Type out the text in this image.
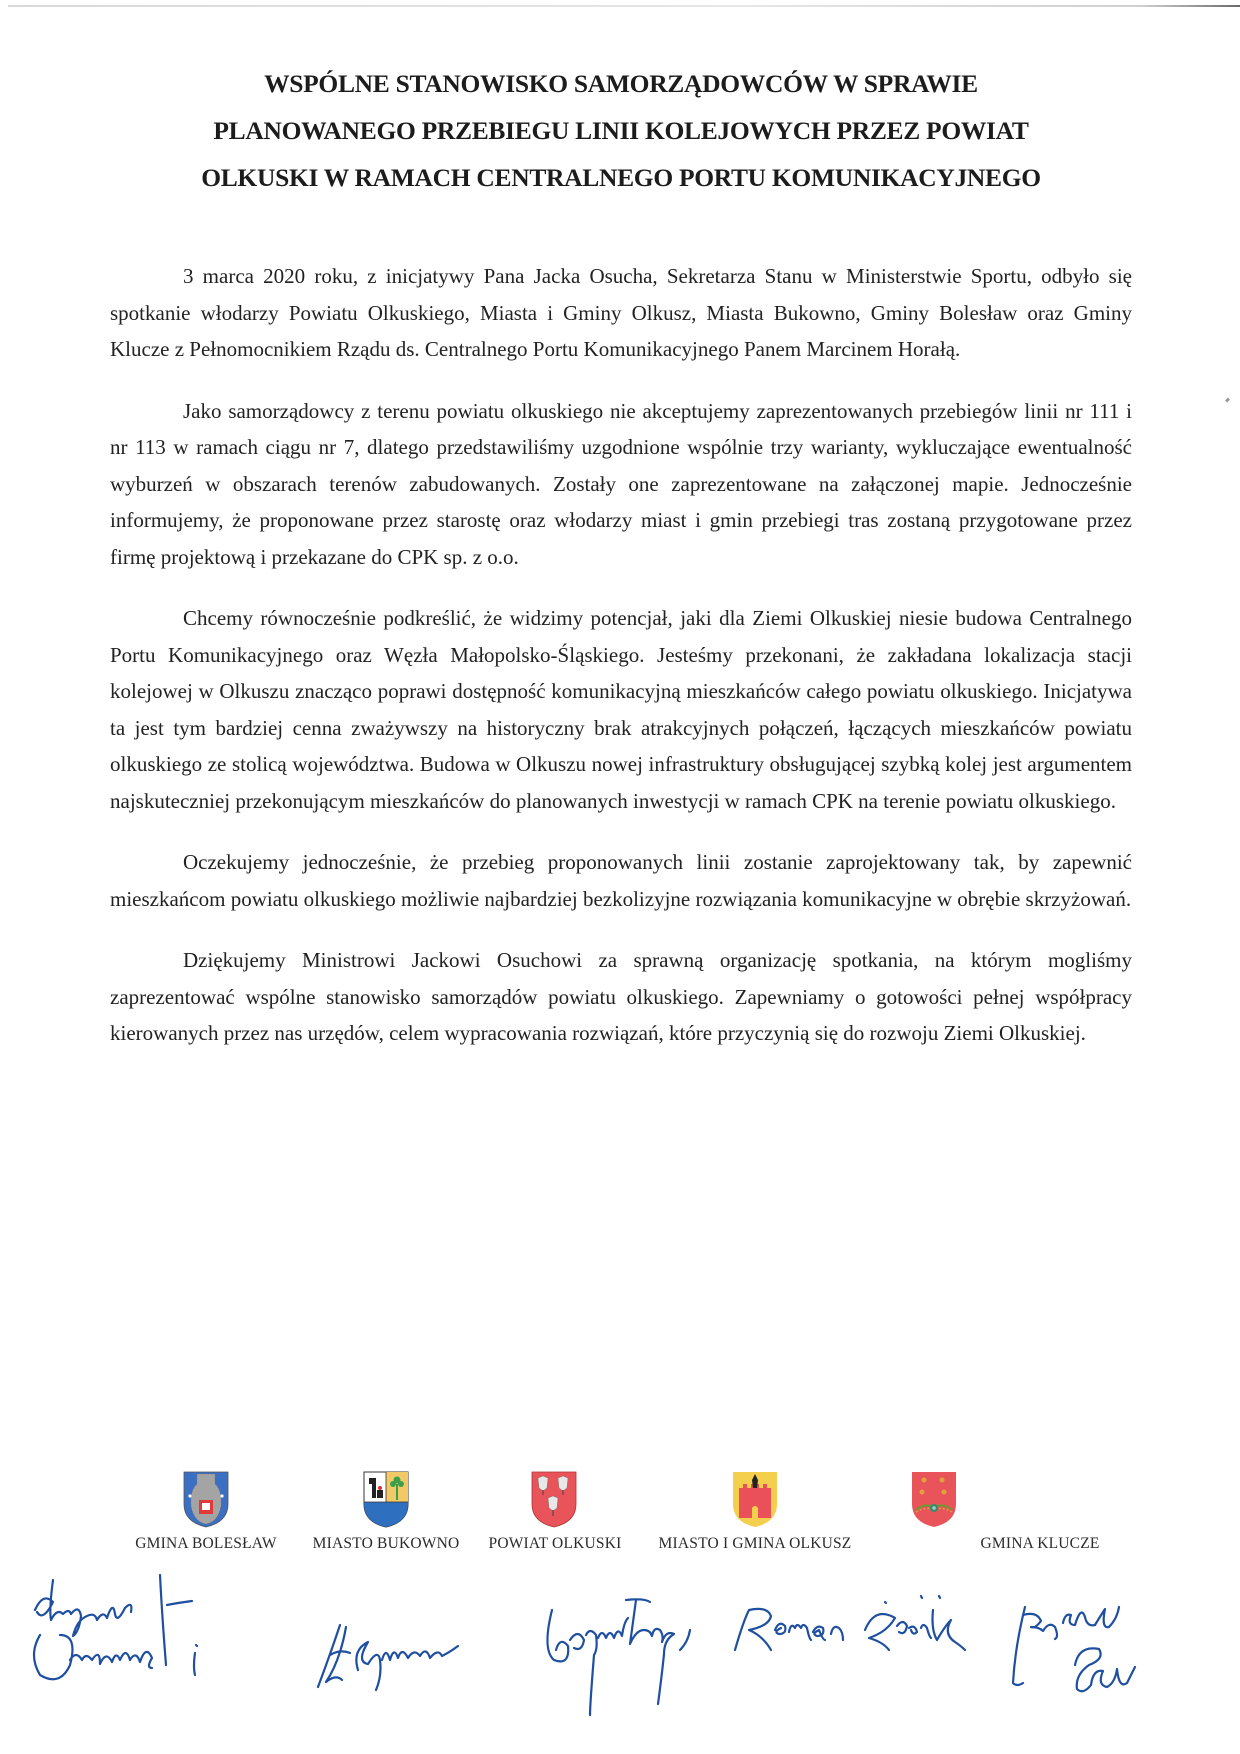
WSPÓLNE STANOWISKO SAMORZĄDOWCÓW W SPRAWIE
PLANOWANEGO PRZEBIEGU LINII KOLEJOWYCH PRZEZ POWIAT
OLKUSKI W RAMACH CENTRALNEGO PORTU KOMUNIKACYJNEGO

3 marca 2020 roku, z inicjatywy Pana Jacka Osucha, Sekretarza Stanu w Ministerstwie Sportu, odbyło się spotkanie włodarzy Powiatu Olkuskiego, Miasta i Gminy Olkusz, Miasta Bukowno, Gminy Bolesław oraz Gminy Klucze z Pełnomocnikiem Rządu ds. Centralnego Portu Komunikacyjnego Panem Marcinem Horałą.

Jako samorządowcy z terenu powiatu olkuskiego nie akceptujemy zaprezentowanych przebiegów linii nr 111 i nr 113 w ramach ciągu nr 7, dlatego przedstawiliśmy uzgodnione wspólnie trzy warianty, wykluczające ewentualność wyburzeń w obszarach terenów zabudowanych. Zostały one zaprezentowane na załączonej mapie. Jednocześnie informujemy, że proponowane przez starostę oraz włodarzy miast i gmin przebiegi tras zostaną przygotowane przez firmę projektową i przekazane do CPK sp. z o.o.

Chcemy równocześnie podkreślić, że widzimy potencjał, jaki dla Ziemi Olkuskiej niesie budowa Centralnego Portu Komunikacyjnego oraz Węzła Małopolsko-Śląskiego. Jesteśmy przekonani, że zakładana lokalizacja stacji kolejowej w Olkuszu znacząco poprawi dostępność komunikacyjną mieszkańców całego powiatu olkuskiego. Inicjatywa ta jest tym bardziej cenna zważywszy na historyczny brak atrakcyjnych połączeń, łączących mieszkańców powiatu olkuskiego ze stolicą województwa. Budowa w Olkuszu nowej infrastruktury obsługującej szybką kolej jest argumentem najskuteczniej przekonującym mieszkańców do planowanych inwestycji w ramach CPK na terenie powiatu olkuskiego.

Oczekujemy jednocześnie, że przebieg proponowanych linii zostanie zaprojektowany tak, by zapewnić mieszkańcom powiatu olkuskiego możliwie najbardziej bezkolizyjne rozwiązania komunikacyjne w obrębie skrzyżowań.

Dziękujemy Ministrowi Jackowi Osuchowi za sprawną organizację spotkania, na którym mogliśmy zaprezentować wspólne stanowisko samorządów powiatu olkuskiego. Zapewniamy o gotowości pełnej współpracy kierowanych przez nas urzędów, celem wypracowania rozwiązań, które przyczynią się do rozwoju Ziemi Olkuskiej.

GMINA BOLESŁAW MIASTO BUKOWNO POWIAT OLKUSKI MIASTO I GMINA OLKUSZ	GMINA KLUCZE
